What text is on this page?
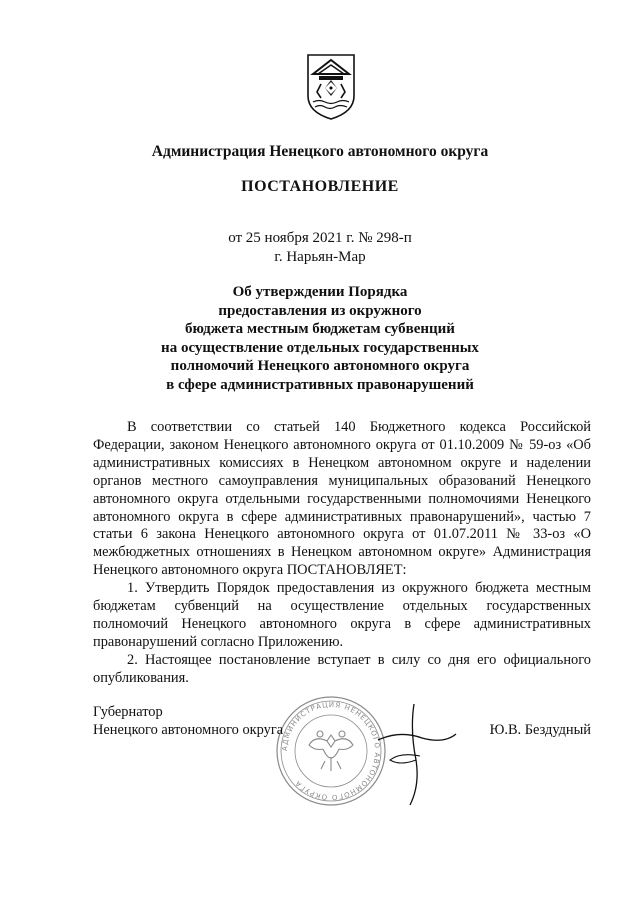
Администрация Ненецкого автономного округа
ПОСТАНОВЛЕНИЕ
от 25 ноября 2021 г. № 298-п
г. Нарьян-Мар
Об утверждении Порядка
предоставления из окружного
бюджета местным бюджетам субвенций
на осуществление отдельных государственных
полномочий Ненецкого автономного округа
в сфере административных правонарушений

В соответствии со статьей 140 Бюджетного кодекса Российской Федерации, законом Ненецкого автономного округа от 01.10.2009 № 59-оз «Об административных комиссиях в Ненецком автономном округе и наделении органов местного самоуправления муниципальных образований Ненецкого автономного округа отдельными государственными полномочиями Ненецкого автономного округа в сфере административных правонарушений», частью 7 статьи 6 закона Ненецкого автономного округа от 01.07.2011 № 33-оз «О межбюджетных отношениях в Ненецком автономном округе» Администрация Ненецкого автономного округа ПОСТАНОВЛЯЕТ:

1. Утвердить Порядок предоставления из окружного бюджета местным бюджетам субвенций на осуществление отдельных государственных полномочий Ненецкого автономного округа в сфере административных правонарушений согласно Приложению.

2. Настоящее постановление вступает в силу со дня его официального опубликования.

АДМИНИСТРАЦИЯ НЕНЕЦКОГО АВТОНОМНОГО ОКРУГА
Губернатор
Ненецкого автономного округа	Ю.В. Бездудный
